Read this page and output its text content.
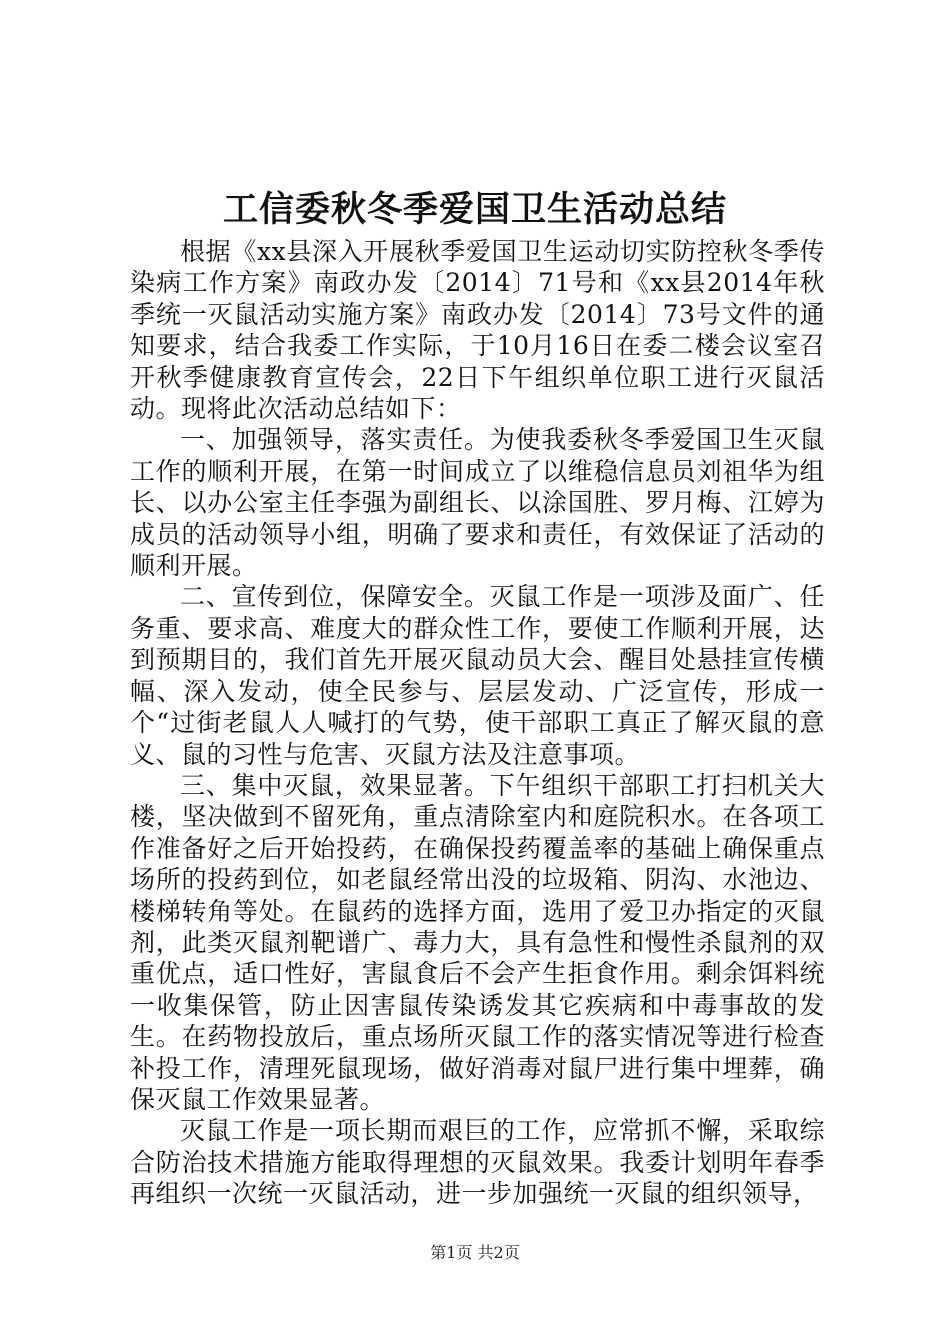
工信委秋冬季爱国卫生活动总结

根据《xx县深入开展秋季爱国卫生运动切实防控秋冬季传染病工作方案》南政办发〔2014〕71号和《xx县2014年秋季统一灭鼠活动实施方案》南政办发〔2014〕73号文件的通知要求，结合我委工作实际，于10月16日在委二楼会议室召开秋季健康教育宣传会，22日下午组织单位职工进行灭鼠活动。现将此次活动总结如下：

一、加强领导，落实责任。为使我委秋冬季爱国卫生灭鼠工作的顺利开展，在第一时间成立了以维稳信息员刘祖华为组长、以办公室主任李强为副组长、以涂国胜、罗月梅、江婷为成员的活动领导小组，明确了要求和责任，有效保证了活动的顺利开展。

二、宣传到位，保障安全。灭鼠工作是一项涉及面广、任务重、要求高、难度大的群众性工作，要使工作顺利开展，达到预期目的，我们首先开展灭鼠动员大会、醒目处悬挂宣传横幅、深入发动，使全民参与、层层发动、广泛宣传，形成一个“过街老鼠人人喊打的气势，使干部职工真正了解灭鼠的意义、鼠的习性与危害、灭鼠方法及注意事项。

三、集中灭鼠，效果显著。下午组织干部职工打扫机关大楼，坚决做到不留死角，重点清除室内和庭院积水。在各项工作准备好之后开始投药，在确保投药覆盖率的基础上确保重点场所的投药到位，如老鼠经常出没的垃圾箱、阴沟、水池边、楼梯转角等处。在鼠药的选择方面，选用了爱卫办指定的灭鼠剂，此类灭鼠剂靶谱广、毒力大，具有急性和慢性杀鼠剂的双重优点，适口性好，害鼠食后不会产生拒食作用。剩余饵料统一收集保管，防止因害鼠传染诱发其它疾病和中毒事故的发生。在药物投放后，重点场所灭鼠工作的落实情况等进行检查补投工作，清理死鼠现场，做好消毒对鼠尸进行集中埋葬，确保灭鼠工作效果显著。

灭鼠工作是一项长期而艰巨的工作，应常抓不懈，采取综合防治技术措施方能取得理想的灭鼠效果。我委计划明年春季再组织一次统一灭鼠活动，进一步加强统一灭鼠的组织领导，

第1页 共2页
